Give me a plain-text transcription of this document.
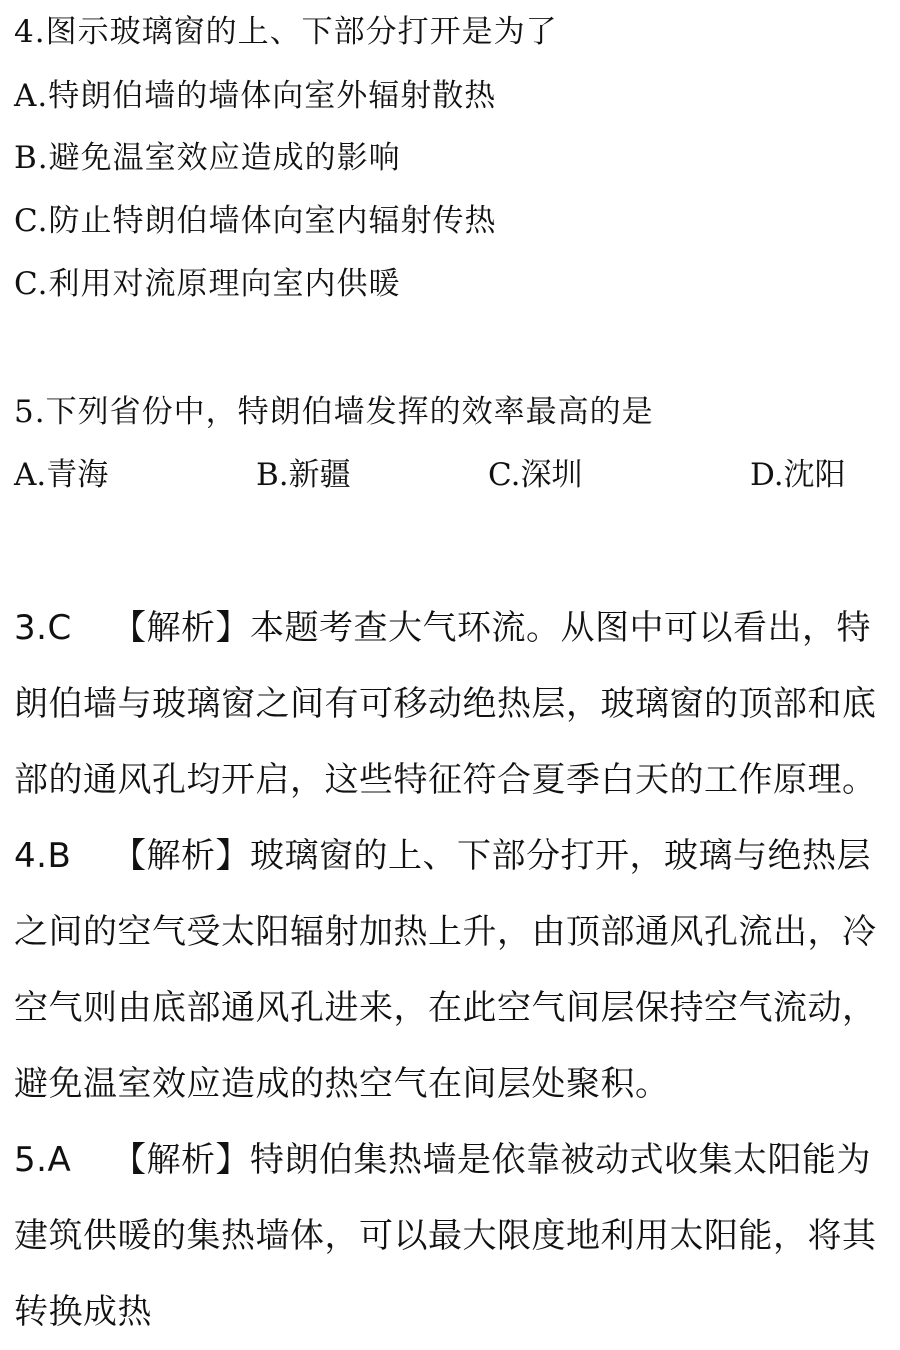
4.图示玻璃窗的上、下部分打开是为了
A.特朗伯墙的墙体向室外辐射散热
B.避免温室效应造成的影响
C.防止特朗伯墙体向室内辐射传热
C.利用对流原理向室内供暖
5.下列省份中，特朗伯墙发挥的效率最高的是
A.青海	B.新疆	C.深圳	D.沈阳
3.C 【解析】本题考查大气环流。从图中可以看出，特朗伯墙与玻璃窗之间有可移动绝热层，玻璃窗的顶部和底部的通风孔均开启，这些特征符合夏季白天的工作原理。
4.B 【解析】玻璃窗的上、下部分打开，玻璃与绝热层之间的空气受太阳辐射加热上升，由顶部通风孔流出，冷空气则由底部通风孔进来，在此空气间层保持空气流动，避免温室效应造成的热空气在间层处聚积。
5.A 【解析】特朗伯集热墙是依靠被动式收集太阳能为建筑供暖的集热墙体，可以最大限度地利用太阳能，将其转换成热
